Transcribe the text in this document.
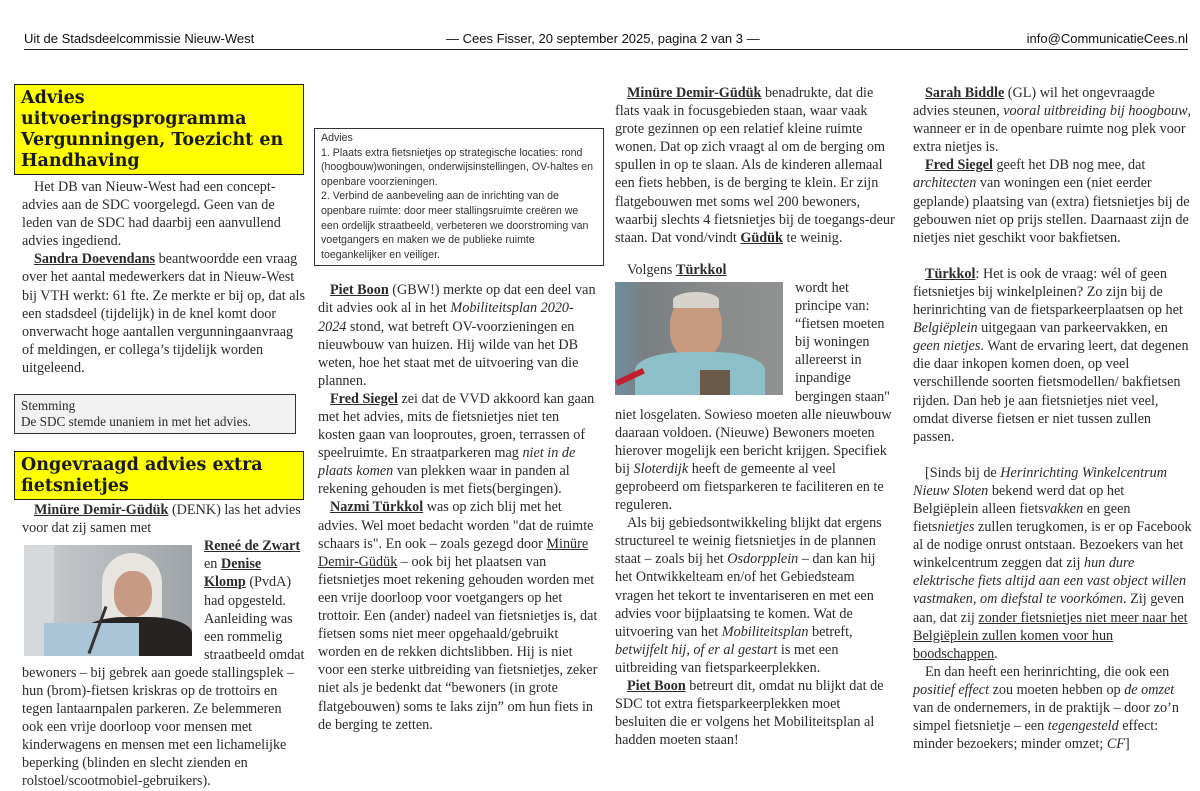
Uit de Stadsdeelcommissie Nieuw-West	— Cees Fisser, 20 september 2025, pagina 2 van 3 —	info@CommunicatieCees.nl
Advies uitvoeringsprogramma Vergunningen, Toezicht en Handhaving

Het DB van Nieuw-West had een concept-advies aan de SDC voorgelegd. Geen van de leden van de SDC had daarbij een aanvullend advies ingediend.

Sandra Doevendans beantwoordde een vraag over het aantal medewerkers dat in Nieuw-West bij VTH werkt: 61 fte. Ze merkte er bij op, dat als een stadsdeel (tijdelijk) in de knel komt door onverwacht hoge aantallen vergunningaanvraag of meldingen, er collega’s tijdelijk worden uitgeleend.

Stemming
De SDC stemde unaniem in met het advies.
Ongevraagd advies extra fietsnietjes

Minüre Demir-Güdük (DENK) las het advies voor dat zij samen met

Reneé de Zwart en Denise Klomp (PvdA) had opgesteld. Aanleiding was een rommelig straatbeeld omdat bewoners – bij gebrek aan goede stallingsplek – hun (brom)-fietsen kriskras op de trottoirs en tegen lantaarnpalen parkeren. Ze belemmeren ook een vrije doorloop voor mensen met kinderwagens en mensen met een lichamelijke beperking (blinden en slecht zienden en rolstoel/scootmobiel-gebruikers).

Advies
1. Plaats extra fietsnietjes op strategische locaties: rond (hoogbouw)woningen, onderwijsinstellingen, OV-haltes en openbare voorzieningen.
2. Verbind de aanbeveling aan de inrichting van de openbare ruimte: door meer stallingsruimte creëren we een ordelijk straatbeeld, verbeteren we doorstroming van voetgangers en maken we de publieke ruimte toegankelijker en veiliger.

Piet Boon (GBW!) merkte op dat een deel van dit advies ook al in het Mobiliteitsplan 2020-2024 stond, wat betreft OV-voorzieningen en nieuwbouw van huizen. Hij wilde van het DB weten, hoe het staat met de uitvoering van die plannen.

Fred Siegel zei dat de VVD akkoord kan gaan met het advies, mits de fietsnietjes niet ten kosten gaan van looproutes, groen, terrassen of speelruimte. En straatparkeren mag niet in de plaats komen van plekken waar in panden al rekening gehouden is met fiets(bergingen).

Nazmi Türkkol was op zich blij met het advies. Wel moet bedacht worden "dat de ruimte schaars is". En ook – zoals gezegd door Minüre Demir-Güdük – ook bij het plaatsen van fietsnietjes moet rekening gehouden worden met een vrije doorloop voor voetgangers op het trottoir. Een (ander) nadeel van fietsnietjes is, dat fietsen soms niet meer opgehaald/gebruikt worden en de rekken dichtslibben. Hij is niet voor een sterke uitbreiding van fietsnietjes, zeker niet als je bedenkt dat “bewoners (in grote flatgebouwen) soms te laks zijn” om hun fiets in de berging te zetten.

Minüre Demir-Güdük benadrukte, dat die flats vaak in focusgebieden staan, waar vaak grote gezinnen op een relatief kleine ruimte wonen. Dat op zich vraagt al om de berging om spullen in op te slaan. Als de kinderen allemaal een fiets hebben, is de berging te klein. Er zijn flatgebouwen met soms wel 200 bewoners, waarbij slechts 4 fietsnietjes bij de toegangs-deur staan. Dat vond/vindt Güdük te weinig.

Volgens Türkkol

wordt het principe van: “fietsen moeten bij woningen allereerst in inpandige bergingen staan" niet losgelaten. Sowieso moeten alle nieuwbouw daaraan voldoen. (Nieuwe) Bewoners moeten hierover mogelijk een bericht krijgen. Specifiek bij Sloterdijk heeft de gemeente al veel geprobeerd om fietsparkeren te faciliteren en te reguleren.

Als bij gebiedsontwikkeling blijkt dat ergens structureel te weinig fietsnietjes in de plannen staat – zoals bij het Osdorpplein – dan kan hij het Ontwikkelteam en/of het Gebiedsteam vragen het tekort te inventariseren en met een advies voor bijplaatsing te komen. Wat de uitvoering van het Mobiliteitsplan betreft, betwijfelt hij, of er al gestart is met een uitbreiding van fietsparkeerplekken.

Piet Boon betreurt dit, omdat nu blijkt dat de SDC tot extra fietsparkeerplekken moet besluiten die er volgens het Mobiliteitsplan al hadden moeten staan!

Sarah Biddle (GL) wil het ongevraagde advies steunen, vooral uitbreiding bij hoogbouw, wanneer er in de openbare ruimte nog plek voor extra nietjes is.

Fred Siegel geeft het DB nog mee, dat architecten van woningen een (niet eerder geplande) plaatsing van (extra) fietsnietjes bij de gebouwen niet op prijs stellen. Daarnaast zijn de nietjes niet geschikt voor bakfietsen.

Türkkol: Het is ook de vraag: wél of geen fietsnietjes bij winkelpleinen? Zo zijn bij de herinrichting van de fietsparkeerplaatsen op het Belgiëplein uitgegaan van parkeervakken, en geen nietjes. Want de ervaring leert, dat degenen die daar inkopen komen doen, op veel verschillende soorten fietsmodellen/ bakfietsen rijden. Dan heb je aan fietsnietjes niet veel, omdat diverse fietsen er niet tussen zullen passen.

[Sinds bij de Herinrichting Winkelcentrum Nieuw Sloten bekend werd dat op het Belgiëplein alleen fietsvakken en geen fietsnietjes zullen terugkomen, is er op Facebook al de nodige onrust ontstaan. Bezoekers van het winkelcentrum zeggen dat zij hun dure elektrische fiets altijd aan een vast object willen vastmaken, om diefstal te voorkómen. Zij geven aan, dat zij zonder fietsnietjes niet meer naar het Belgiëplein zullen komen voor hun boodschappen.

En dan heeft een herinrichting, die ook een positief effect zou moeten hebben op de omzet van de ondernemers, in de praktijk – door zo’n simpel fietsnietje – een tegengesteld effect: minder bezoekers; minder omzet; CF]
